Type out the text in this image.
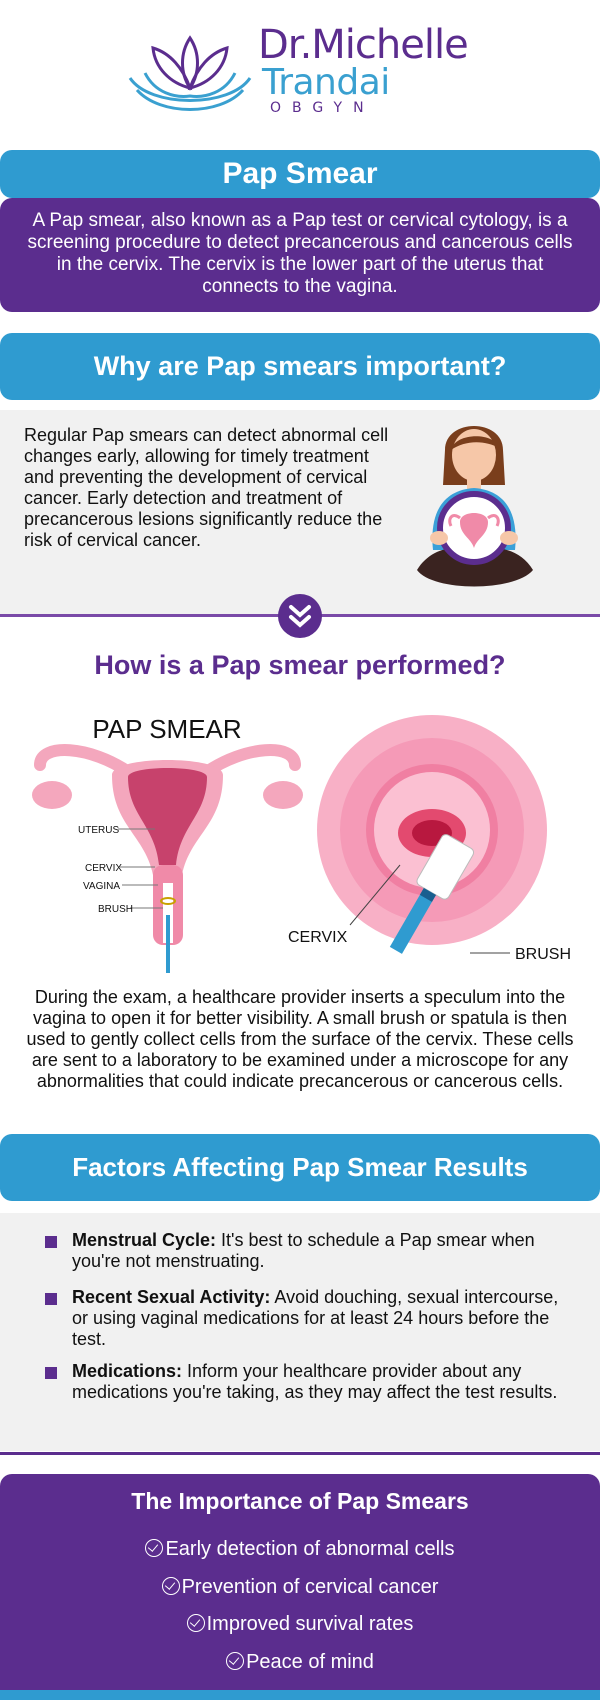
Dr.Michelle
Trandai
OBGYN
Pap Smear
A Pap smear, also known as a Pap test or cervical cytology, is a screening procedure to detect precancerous and cancerous cells in the cervix. The cervix is the lower part of the uterus that connects to the vagina.
Why are Pap smears important?
Regular Pap smears can detect abnormal cell changes early, allowing for timely treatment and preventing the development of cervical cancer. Early detection and treatment of precancerous lesions significantly reduce the risk of cervical cancer.
How is a Pap smear performed?
PAP SMEAR
UTERUS
CERVIX
VAGINA
BRUSH
CERVIX
BRUSH
During the exam, a healthcare provider inserts a speculum into the vagina to open it for better visibility. A small brush or spatula is then used to gently collect cells from the surface of the cervix. These cells are sent to a laboratory to be examined under a microscope for any abnormalities that could indicate precancerous or cancerous cells.
Factors Affecting Pap Smear Results
Menstrual Cycle: It's best to schedule a Pap smear when you're not menstruating.
Recent Sexual Activity: Avoid douching, sexual intercourse, or using vaginal medications for at least 24 hours before the test.
Medications: Inform your healthcare provider about any medications you're taking, as they may affect the test results.
The Importance of Pap Smears
Early detection of abnormal cells
Prevention of cervical cancer
Improved survival rates
Peace of mind
